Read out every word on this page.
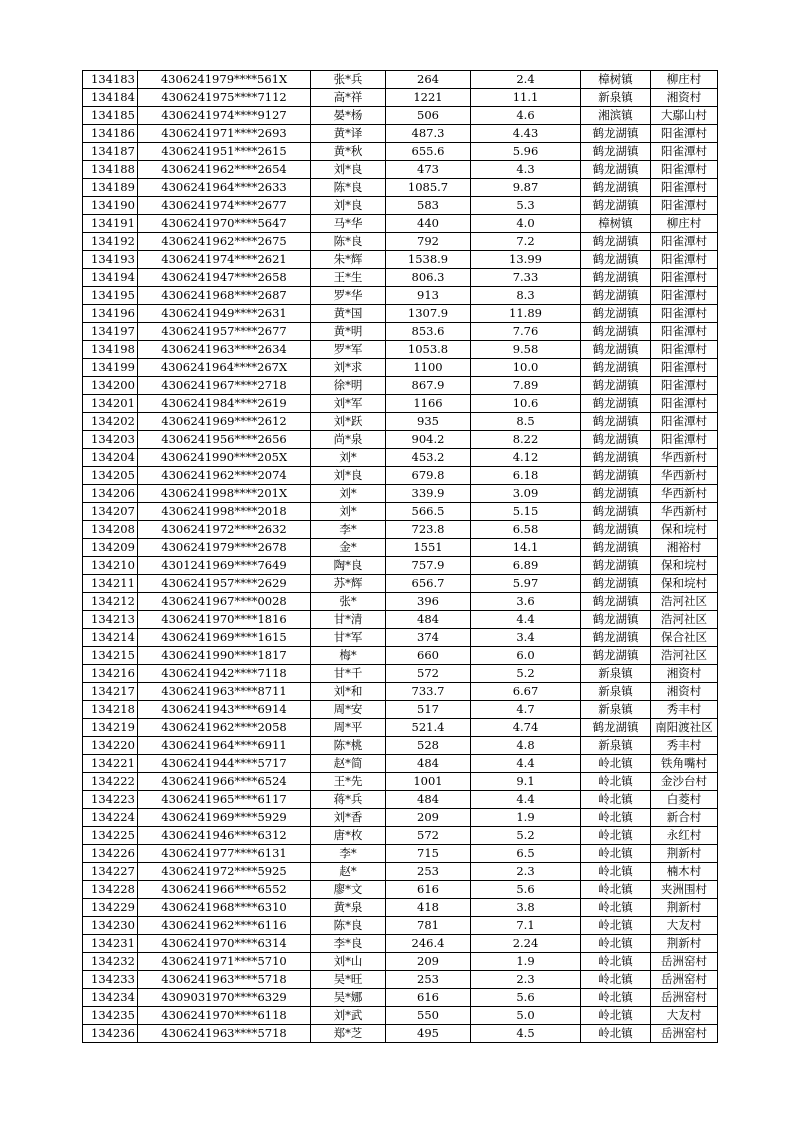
134183	4306241979****561X	张*兵	264	2.4	樟树镇	柳庄村
134184	4306241975****7112	高*祥	1221	11.1	新泉镇	湘资村
134185	4306241974****9127	晏*杨	506	4.6	湘滨镇	大鄢山村
134186	4306241971****2693	黄*译	487.3	4.43	鹤龙湖镇	阳雀潭村
134187	4306241951****2615	黄*秋	655.6	5.96	鹤龙湖镇	阳雀潭村
134188	4306241962****2654	刘*良	473	4.3	鹤龙湖镇	阳雀潭村
134189	4306241964****2633	陈*良	1085.7	9.87	鹤龙湖镇	阳雀潭村
134190	4306241974****2677	刘*良	583	5.3	鹤龙湖镇	阳雀潭村
134191	4306241970****5647	马*华	440	4.0	樟树镇	柳庄村
134192	4306241962****2675	陈*良	792	7.2	鹤龙湖镇	阳雀潭村
134193	4306241974****2621	朱*辉	1538.9	13.99	鹤龙湖镇	阳雀潭村
134194	4306241947****2658	王*生	806.3	7.33	鹤龙湖镇	阳雀潭村
134195	4306241968****2687	罗*华	913	8.3	鹤龙湖镇	阳雀潭村
134196	4306241949****2631	黄*国	1307.9	11.89	鹤龙湖镇	阳雀潭村
134197	4306241957****2677	黄*明	853.6	7.76	鹤龙湖镇	阳雀潭村
134198	4306241963****2634	罗*军	1053.8	9.58	鹤龙湖镇	阳雀潭村
134199	4306241964****267X	刘*求	1100	10.0	鹤龙湖镇	阳雀潭村
134200	4306241967****2718	徐*明	867.9	7.89	鹤龙湖镇	阳雀潭村
134201	4306241984****2619	刘*军	1166	10.6	鹤龙湖镇	阳雀潭村
134202	4306241969****2612	刘*跃	935	8.5	鹤龙湖镇	阳雀潭村
134203	4306241956****2656	尚*泉	904.2	8.22	鹤龙湖镇	阳雀潭村
134204	4306241990****205X	刘*	453.2	4.12	鹤龙湖镇	华西新村
134205	4306241962****2074	刘*良	679.8	6.18	鹤龙湖镇	华西新村
134206	4306241998****201X	刘*	339.9	3.09	鹤龙湖镇	华西新村
134207	4306241998****2018	刘*	566.5	5.15	鹤龙湖镇	华西新村
134208	4306241972****2632	李*	723.8	6.58	鹤龙湖镇	保和垸村
134209	4306241979****2678	金*	1551	14.1	鹤龙湖镇	湘裕村
134210	4301241969****7649	陶*良	757.9	6.89	鹤龙湖镇	保和垸村
134211	4306241957****2629	苏*辉	656.7	5.97	鹤龙湖镇	保和垸村
134212	4306241967****0028	张*	396	3.6	鹤龙湖镇	浩河社区
134213	4306241970****1816	甘*清	484	4.4	鹤龙湖镇	浩河社区
134214	4306241969****1615	甘*军	374	3.4	鹤龙湖镇	保合社区
134215	4306241990****1817	梅*	660	6.0	鹤龙湖镇	浩河社区
134216	4306241942****7118	甘*千	572	5.2	新泉镇	湘资村
134217	4306241963****8711	刘*和	733.7	6.67	新泉镇	湘资村
134218	4306241943****6914	周*安	517	4.7	新泉镇	秀丰村
134219	4306241962****2058	周*平	521.4	4.74	鹤龙湖镇	南阳渡社区
134220	4306241964****6911	陈*桃	528	4.8	新泉镇	秀丰村
134221	4306241944****5717	赵*简	484	4.4	岭北镇	铁角嘴村
134222	4306241966****6524	王*先	1001	9.1	岭北镇	金沙台村
134223	4306241965****6117	蒋*兵	484	4.4	岭北镇	白菱村
134224	4306241969****5929	刘*香	209	1.9	岭北镇	新合村
134225	4306241946****6312	唐*枚	572	5.2	岭北镇	永红村
134226	4306241977****6131	李*	715	6.5	岭北镇	荆新村
134227	4306241972****5925	赵*	253	2.3	岭北镇	楠木村
134228	4306241966****6552	廖*文	616	5.6	岭北镇	夹洲围村
134229	4306241968****6310	黄*泉	418	3.8	岭北镇	荆新村
134230	4306241962****6116	陈*良	781	7.1	岭北镇	大友村
134231	4306241970****6314	李*良	246.4	2.24	岭北镇	荆新村
134232	4306241971****5710	刘*山	209	1.9	岭北镇	岳洲窑村
134233	4306241963****5718	吴*旺	253	2.3	岭北镇	岳洲窑村
134234	4309031970****6329	吴*娜	616	5.6	岭北镇	岳洲窑村
134235	4306241970****6118	刘*武	550	5.0	岭北镇	大友村
134236	4306241963****5718	郑*芝	495	4.5	岭北镇	岳洲窑村
